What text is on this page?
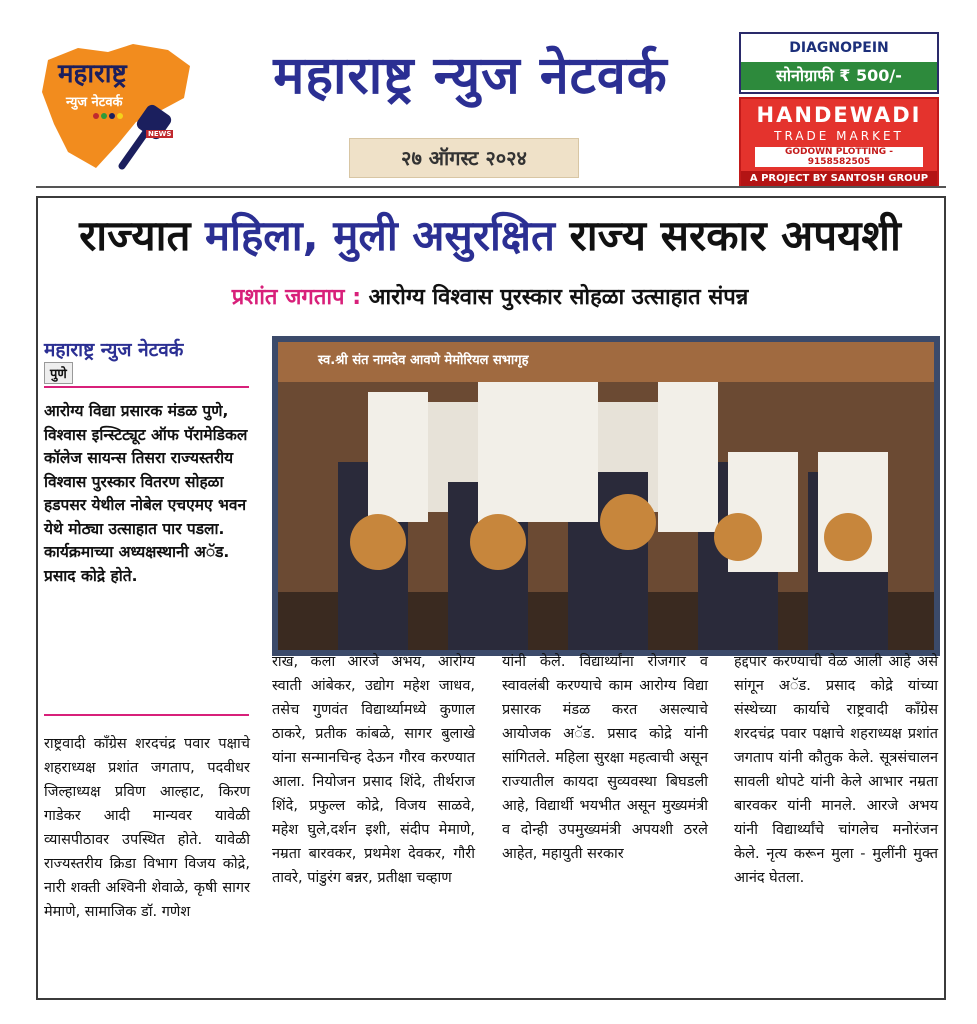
महाराष्ट्र
न्युज नेटवर्क
NEWS
महाराष्ट्र न्युज नेटवर्क
२७ ऑगस्ट २०२४
DIAGNOPEIN
सोनोग्राफी ₹ 500/-
HANDEWADI
TRADE MARKET
GODOWN PLOTTING - 9158582505
A PROJECT BY SANTOSH GROUP
राज्यात महिला, मुली असुरक्षित राज्य सरकार अपयशी
प्रशांत जगताप : आरोग्य विश्वास पुरस्कार सोहळा उत्साहात संपन्न
महाराष्ट्र न्युज नेटवर्क
पुणे
आरोग्य विद्या प्रसारक मंडळ पुणे, विश्वास इन्स्टिट्यूट ऑफ पॅरामेडिकल कॉलेज सायन्स तिसरा राज्यस्तरीय विश्वास पुरस्कार वितरण सोहळा हडपसर येथील नोबेल एचएमए भवन येथे मोठ्या उत्साहात पार पडला. कार्यक्रमाच्या अध्यक्षस्थानी अॅड. प्रसाद कोद्रे होते.
स्व.श्री संत नामदेव आवणे मेमोरियल सभागृह
राष्ट्रवादी कॉंग्रेस शरदचंद्र पवार पक्षाचे शहराध्यक्ष प्रशांत जगताप, पदवीधर जिल्हाध्यक्ष प्रविण आल्हाट, किरण गाडेकर आदी मान्यवर यावेळी व्यासपीठावर उपस्थित होते. यावेळी राज्यस्तरीय क्रिडा विभाग विजय कोद्रे, नारी शक्ती अश्विनी शेवाळे, कृषी सागर मेमाणे, सामाजिक डॉ. गणेश
राख, कला आरजे अभय, आरोग्य स्वाती आंबेकर, उद्योग महेश जाधव, तसेच गुणवंत विद्यार्थ्यामध्ये कुणाल ठाकरे, प्रतीक कांबळे, सागर बुलाखे यांना सन्मानचिन्ह देऊन गौरव करण्यात आला. नियोजन प्रसाद शिंदे, तीर्थराज शिंदे, प्रफुल्ल कोद्रे, विजय साळवे, महेश घुले,दर्शन इशी, संदीप मेमाणे, नम्रता बारवकर, प्रथमेश देवकर, गौरी तावरे, पांडुरंग बन्नर, प्रतीक्षा चव्हाण
यांनी केले. विद्यार्थ्यांना रोजगार व स्वावलंबी करण्याचे काम आरोग्य विद्या प्रसारक मंडळ करत असल्याचे आयोजक अॅड. प्रसाद कोद्रे यांनी सांगितले. महिला सुरक्षा महत्वाची असून राज्यातील कायदा सुव्यवस्था बिघडली आहे, विद्यार्थी भयभीत असून मुख्यमंत्री व दोन्ही उपमुख्यमंत्री अपयशी ठरले आहेत, महायुती सरकार
हद्दपार करण्याची वेळ आली आहे असे सांगून अॅड. प्रसाद कोद्रे यांच्या संस्थेच्या कार्याचे राष्ट्रवादी कॉंग्रेस शरदचंद्र पवार पक्षाचे शहराध्यक्ष प्रशांत जगताप यांनी कौतुक केले. सूत्रसंचालन सावली थोपटे यांनी केले आभार नम्रता बारवकर यांनी मानले. आरजे अभय यांनी विद्यार्थ्यांचे चांगलेच मनोरंजन केले. नृत्य करून मुला - मुलींनी मुक्त आनंद घेतला.
